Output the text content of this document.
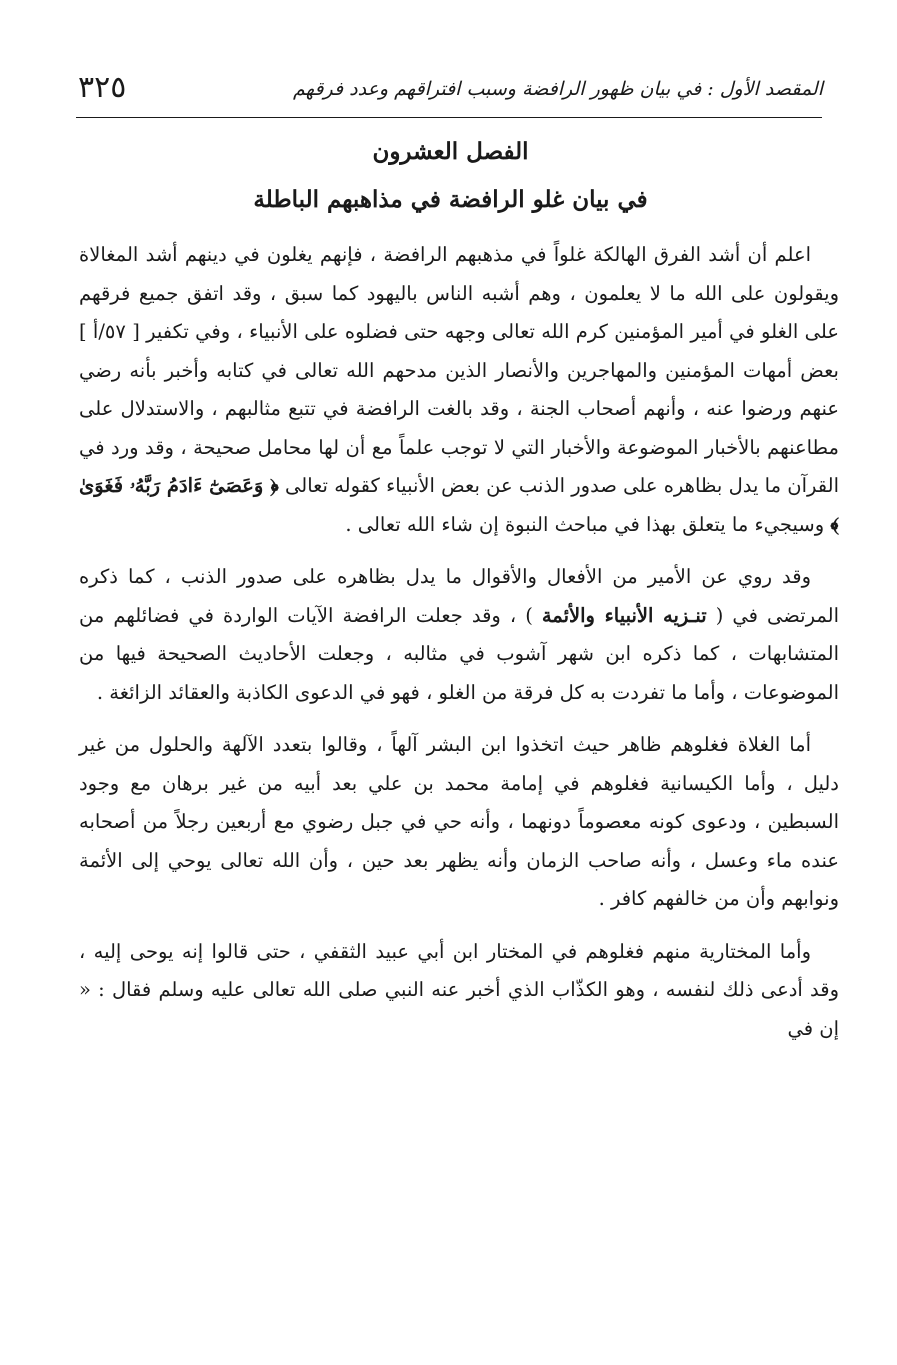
المقصد الأول : في بيان ظهور الرافضة وسبب افتراقهم وعدد فرقهم
٣٢٥
الفصل العشرون
في بيان غلو الرافضة في مذاهبهم الباطلة

اعلم أن أشد الفرق الهالكة غلواً في مذهبهم الرافضة ، فإنهم يغلون في دينهم أشد المغالاة ويقولون على الله ما لا يعلمون ، وهم أشبه الناس باليهود كما سبق ، وقد اتفق جميع فرقهم على الغلو في أمير المؤمنين كرم الله تعالى وجهه حتى فضلوه على الأنبياء ، وفي تكفير [ ٥٧/أ ] بعض أمهات المؤمنين والمهاجرين والأنصار الذين مدحهم الله تعالى في كتابه وأخبر بأنه رضي عنهم ورضوا عنه ، وأنهم أصحاب الجنة ، وقد بالغت الرافضة في تتبع مثالبهم ، والاستدلال على مطاعنهم بالأخبار الموضوعة والأخبار التي لا توجب علماً مع أن لها محامل صحيحة ، وقد ورد في القرآن ما يدل بظاهره على صدور الذنب عن بعض الأنبياء كقوله تعالى ﴿ وَعَصَىٰٓ ءَادَمُ رَبَّهُۥ فَغَوَىٰ ﴾ وسيجيء ما يتعلق بهذا في مباحث النبوة إن شاء الله تعالى .

وقد روي عن الأمير من الأفعال والأقوال ما يدل بظاهره على صدور الذنب ، كما ذكره المرتضى في ( تنـزيه الأنبياء والأئمة ) ، وقد جعلت الرافضة الآيات الواردة في فضائلهم من المتشابهات ، كما ذكره ابن شهر آشوب في مثالبه ، وجعلت الأحاديث الصحيحة فيها من الموضوعات ، وأما ما تفردت به كل فرقة من الغلو ، فهو في الدعوى الكاذبة والعقائد الزائغة .

أما الغلاة فغلوهم ظاهر حيث اتخذوا ابن البشر آلهاً ، وقالوا بتعدد الآلهة والحلول من غير دليل ، وأما الكيسانية فغلوهم في إمامة محمد بن علي بعد أبيه من غير برهان مع وجود السبطين ، ودعوى كونه معصوماً دونهما ، وأنه حي في جبل رضوي مع أربعين رجلاً من أصحابه عنده ماء وعسل ، وأنه صاحب الزمان وأنه يظهر بعد حين ، وأن الله تعالى يوحي إلى الأئمة ونوابهم وأن من خالفهم كافر .

وأما المختارية منهم فغلوهم في المختار ابن أبي عبيد الثقفي ، حتى قالوا إنه يوحى إليه ، وقد أدعى ذلك لنفسه ، وهو الكذّاب الذي أخبر عنه النبي صلى الله تعالى عليه وسلم فقال : « إن في
